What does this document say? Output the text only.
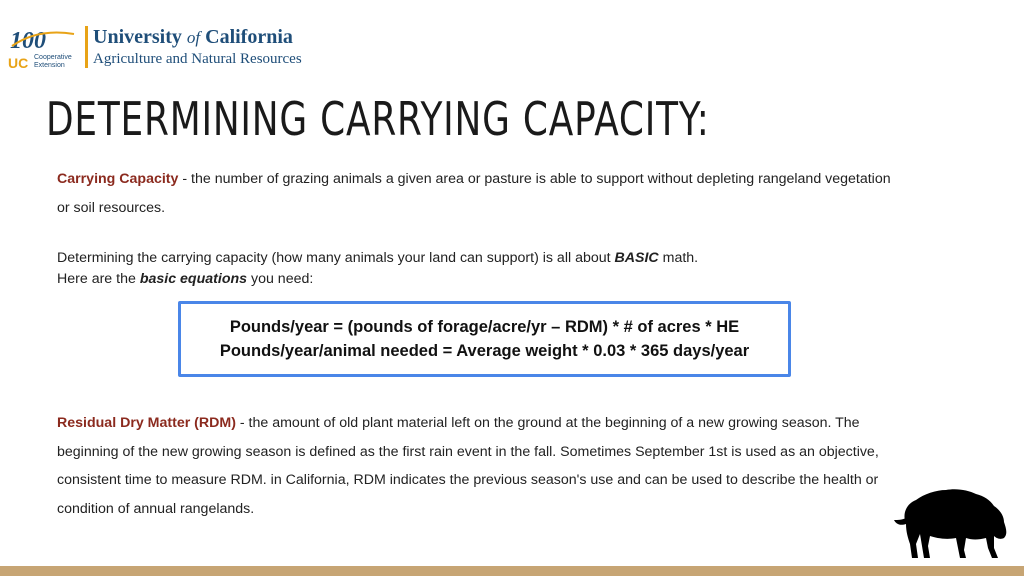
100
UC Cooperative
Extension
University of California
Agriculture and Natural Resources
DETERMINING CARRYING CAPACITY:

Carrying Capacity - the number of grazing animals a given area or pasture is able to support without depleting rangeland vegetation or soil resources.

Determining the carrying capacity (how many animals your land can support) is all about BASIC math.
Here are the basic equations you need:

Pounds/year = (pounds of forage/acre/yr – RDM) * # of acres * HE
Pounds/year/animal needed = Average weight * 0.03 * 365 days/year

Residual Dry Matter (RDM) - the amount of old plant material left on the ground at the beginning of a new growing season. The beginning of the new growing season is defined as the first rain event in the fall. Sometimes September 1st is used as an objective, consistent time to measure RDM. in California, RDM indicates the previous season's use and can be used to describe the health or condition of annual rangelands.
